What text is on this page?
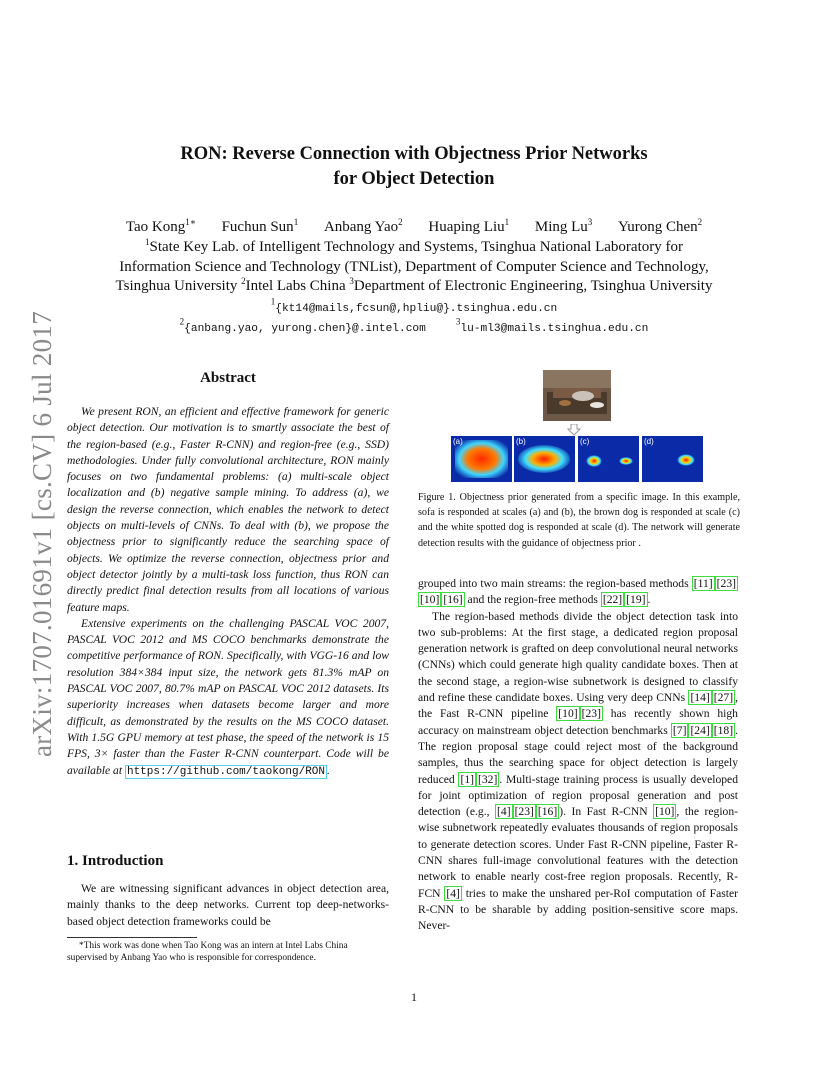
arXiv:1707.01691v1 [cs.CV] 6 Jul 2017
RON: Reverse Connection with Objectness Prior Networks
for Object Detection
Tao Kong$^{1∗}$ Fuchun Sun$^1$ Anbang Yao$^2$ Huaping Liu$^1$ Ming Lu$^3$ Yurong Chen$^2$
$^1$State Key Lab. of Intelligent Technology and Systems, Tsinghua National Laboratory for
Information Science and Technology (TNList), Department of Computer Science and Technology,
Tsinghua University $^2$Intel Labs China $^3$Department of Electronic Engineering, Tsinghua University
$^1${kt14@mails,fcsun@,hpliu@}.tsinghua.edu.cn
$^2${anbang.yao, yurong.chen}@.intel.com$^3$lu-ml3@mails.tsinghua.edu.cn
Abstract

We present RON, an efficient and effective framework for generic object detection. Our motivation is to smartly associate the best of the region-based (e.g., Faster R-CNN) and region-free (e.g., SSD) methodologies. Under fully convolutional architecture, RON mainly focuses on two fundamental problems: (a) multi-scale object localization and (b) negative sample mining. To address (a), we design the reverse connection, which enables the network to detect objects on multi-levels of CNNs. To deal with (b), we propose the objectness prior to significantly reduce the searching space of objects. We optimize the reverse connection, objectness prior and object detector jointly by a multi-task loss function, thus RON can directly predict final detection results from all locations of various feature maps.

Extensive experiments on the challenging PASCAL VOC 2007, PASCAL VOC 2012 and MS COCO benchmarks demonstrate the competitive performance of RON. Specifically, with VGG-16 and low resolution 384×384 input size, the network gets 81.3% mAP on PASCAL VOC 2007, 80.7% mAP on PASCAL VOC 2012 datasets. Its superiority increases when datasets become larger and more difficult, as demonstrated by the results on the MS COCO dataset. With 1.5G GPU memory at test phase, the speed of the network is 15 FPS, 3× faster than the Faster R-CNN counterpart. Code will be available at https://github.com/taokong/RON .

1. Introduction

We are witnessing significant advances in object detection area, mainly thanks to the deep networks. Current top deep-networks-based object detection frameworks could be

*This work was done when Tao Kong was an intern at Intel Labs China supervised by Anbang Yao who is responsible for correspondence.

(a)	(b)	(c)	(d)
Figure 1. Objectness prior generated from a specific image. In this example, sofa is responded at scales (a) and (b), the brown dog is responded at scale (c) and the white spotted dog is responded at scale (d). The network will generate detection results with the guidance of objectness prior .

grouped into two main streams: the region-based methods [11] [23][10] [16] and the region-free methods [22] [19] .

The region-based methods divide the object detection task into two sub-problems: At the first stage, a dedicated region proposal generation network is grafted on deep convolutional neural networks (CNNs) which could generate high quality candidate boxes. Then at the second stage, a region-wise subnetwork is designed to classify and refine these candidate boxes. Using very deep CNNs [14] [27] , the Fast R-CNN pipeline [10] [23] has recently shown high accuracy on mainstream object detection benchmarks [7] [24] [18] . The region proposal stage could reject most of the background samples, thus the searching space for object detection is largely reduced [1] [32] . Multi-stage training process is usually developed for joint optimization of region proposal generation and post detection (e.g., [4] [23] [16] ). In Fast R-CNN [10] , the region-wise subnetwork repeatedly evaluates thousands of region proposals to generate detection scores. Under Fast R-CNN pipeline, Faster R-CNN shares full-image convolutional features with the detection network to enable nearly cost-free region proposals. Recently, R-FCN [4] tries to make the unshared per-RoI computation of Faster R-CNN to be sharable by adding position-sensitive score maps. Never-

1
